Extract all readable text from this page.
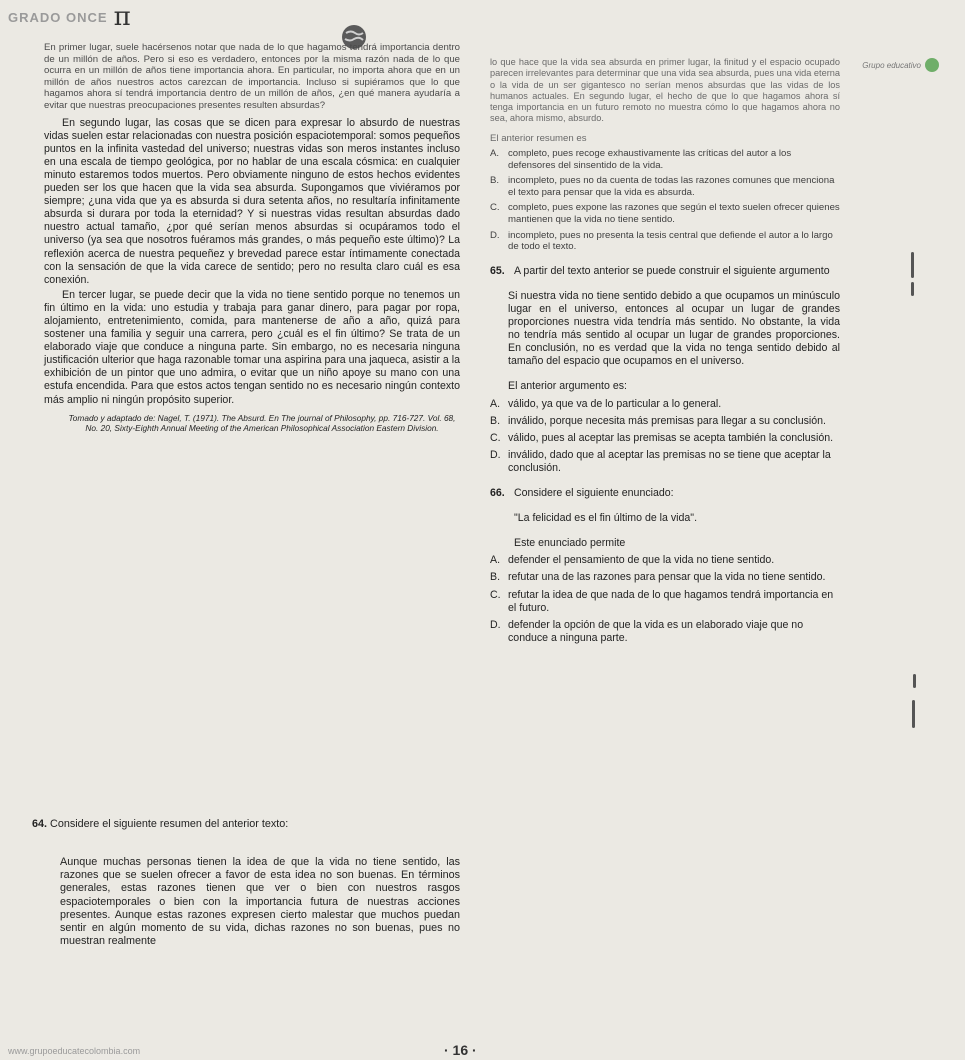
GRADO ONCE π
Grupo educativo

En primer lugar, suele hacérsenos notar que nada de lo que hagamos tendrá importancia dentro de un millón de años. Pero si eso es verdadero, entonces por la misma razón nada de lo que ocurra en un millón de años tiene importancia ahora. En particular, no importa ahora que en un millón de años nuestros actos carezcan de importancia. Incluso si supiéramos que lo que hagamos ahora sí tendrá importancia dentro de un millón de años, ¿en qué manera ayudaría a evitar que nuestras preocupaciones presentes resulten absurdas?

En segundo lugar, las cosas que se dicen para expresar lo absurdo de nuestras vidas suelen estar relacionadas con nuestra posición espaciotemporal: somos pequeños puntos en la infinita vastedad del universo; nuestras vidas son meros instantes incluso en una escala de tiempo geológica, por no hablar de una escala cósmica: en cualquier minuto estaremos todos muertos. Pero obviamente ninguno de estos hechos evidentes pueden ser los que hacen que la vida sea absurda. Supongamos que viviéramos por siempre; ¿una vida que ya es absurda si dura setenta años, no resultaría infinitamente absurda si durara por toda la eternidad? Y si nuestras vidas resultan absurdas dado nuestro actual tamaño, ¿por qué serían menos absurdas si ocupáramos todo el universo (ya sea que nosotros fuéramos más grandes, o más pequeño este último)? La reflexión acerca de nuestra pequeñez y brevedad parece estar íntimamente conectada con la sensación de que la vida carece de sentido; pero no resulta claro cuál es esa conexión.

En tercer lugar, se puede decir que la vida no tiene sentido porque no tenemos un fin último en la vida: uno estudia y trabaja para ganar dinero, para pagar por ropa, alojamiento, entretenimiento, comida, para mantenerse de año a año, quizá para sostener una familia y seguir una carrera, pero ¿cuál es el fin último? Se trata de un elaborado viaje que conduce a ninguna parte. Sin embargo, no es necesaria ninguna justificación ulterior que haga razonable tomar una aspirina para una jaqueca, asistir a la exhibición de un pintor que uno admira, o evitar que un niño apoye su mano con una estufa encendida. Para que estos actos tengan sentido no es necesario ningún contexto más amplio ni ningún propósito superior.

Tomado y adaptado de: Nagel, T. (1971). The Absurd. En The journal of Philosophy, pp. 716-727. Vol. 68, No. 20, Sixty-Eighth Annual Meeting of the American Philosophical Association Eastern Division.

64. Considere el siguiente resumen del anterior texto:

Aunque muchas personas tienen la idea de que la vida no tiene sentido, las razones que se suelen ofrecer a favor de esta idea no son buenas. En términos generales, estas razones tienen que ver o bien con nuestros rasgos espaciotemporales o bien con la importancia futura de nuestras acciones presentes. Aunque estas razones expresen cierto malestar que muchos puedan sentir en algún momento de su vida, dichas razones no son buenas, pues no muestran realmente

lo que hace que la vida sea absurda en primer lugar, la finitud y el espacio ocupado parecen irrelevantes para determinar que una vida sea absurda, pues una vida eterna o la vida de un ser gigantesco no serían menos absurdas que las vidas de los humanos actuales. En segundo lugar, el hecho de que lo que hagamos ahora sí tenga importancia en un futuro remoto no muestra cómo lo que hagamos ahora no sea, ahora mismo, absurdo.

El anterior resumen es

A. completo, pues recoge exhaustivamente las críticas del autor a los defensores del sinsentido de la vida.
B. incompleto, pues no da cuenta de todas las razones comunes que menciona el texto para pensar que la vida es absurda.
C. completo, pues expone las razones que según el texto suelen ofrecer quienes mantienen que la vida no tiene sentido.
D. incompleto, pues no presenta la tesis central que defiende el autor a lo largo de todo el texto.
65. A partir del texto anterior se puede construir el siguiente argumento

Si nuestra vida no tiene sentido debido a que ocupamos un minúsculo lugar en el universo, entonces al ocupar un lugar de grandes proporciones nuestra vida tendría más sentido. No obstante, la vida no tendría más sentido al ocupar un lugar de grandes proporciones. En conclusión, no es verdad que la vida no tenga sentido debido al tamaño del espacio que ocupamos en el universo.

El anterior argumento es:

A. válido, ya que va de lo particular a lo general.
B. inválido, porque necesita más premisas para llegar a su conclusión.
C. válido, pues al aceptar las premisas se acepta también la conclusión.
D. inválido, dado que al aceptar las premisas no se tiene que aceptar la conclusión.
66. Considere el siguiente enunciado:

"La felicidad es el fin último de la vida".

Este enunciado permite

A. defender el pensamiento de que la vida no tiene sentido.
B. refutar una de las razones para pensar que la vida no tiene sentido.
C. refutar la idea de que nada de lo que hagamos tendrá importancia en el futuro.
D. defender la opción de que la vida es un elaborado viaje que no conduce a ninguna parte.
www.grupoeducatecolombia.com	· 16 ·
